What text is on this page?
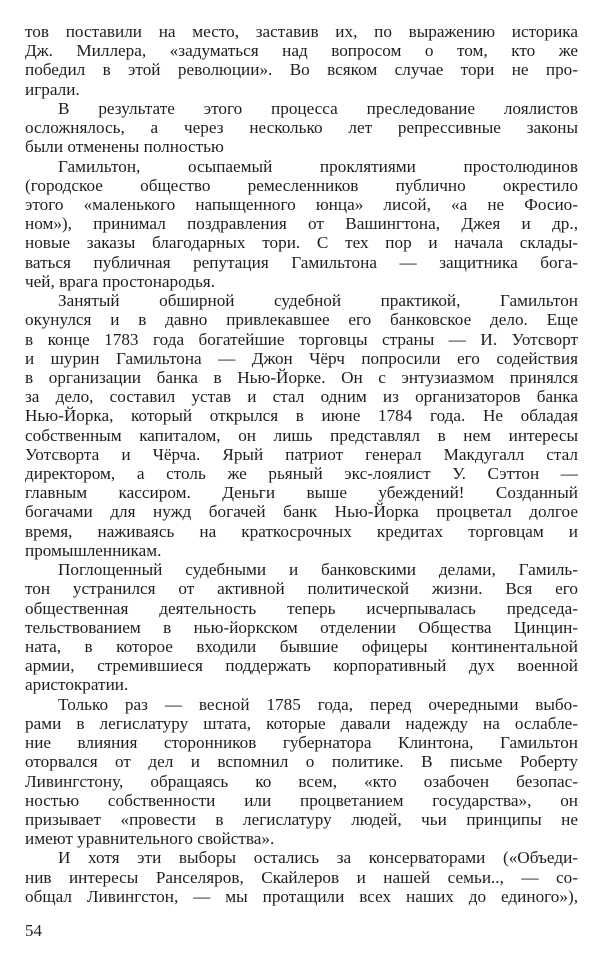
тов поставили на место, заставив их, по выражению историка
Дж. Миллера, «задуматься над вопросом о том, кто же
победил в этой революции». Во всяком случае тори не про-
играли.
В результате этого процесса преследование лоялистов
осложнялось, а через несколько лет репрессивные законы
были отменены полностью
Гамильтон, осыпаемый проклятиями простолюдинов
(городское общество ремесленников публично окрестило
этого «маленького напыщенного юнца» лисой, «а не Фосио-
ном»), принимал поздравления от Вашингтона, Джея и др.,
новые заказы благодарных тори. С тех пор и начала склады-
ваться публичная репутация Гамильтона — защитника бога-
чей, врага простонародья.
Занятый обширной судебной практикой, Гамильтон
окунулся и в давно привлекавшее его банковское дело. Еще
в конце 1783 года богатейшие торговцы страны — И. Уотсворт
и шурин Гамильтона — Джон Чёрч попросили его содействия
в организации банка в Нью-Йорке. Он с энтузиазмом принялся
за дело, составил устав и стал одним из организаторов банка
Нью-Йорка, который открылся в июне 1784 года. Не обладая
собственным капиталом, он лишь представлял в нем интересы
Уотсворта и Чёрча. Ярый патриот генерал Макдугалл стал
директором, а столь же рьяный экс-лоялист У. Сэттон —
главным кассиром. Деньги выше убеждений! Созданный
богачами для нужд богачей банк Нью-Йорка процветал долгое
время, наживаясь на краткосрочных кредитах торговцам и
промышленникам.
Поглощенный судебными и банковскими делами, Гамиль-
тон устранился от активной политической жизни. Вся его
общественная деятельность теперь исчерпывалась председа-
тельствованием в нью-йоркском отделении Общества Цинцин-
ната, в которое входили бывшие офицеры континентальной
армии, стремившиеся поддержать корпоративный дух военной
аристократии.
Только раз — весной 1785 года, перед очередными выбо-
рами в легислатуру штата, которые давали надежду на ослабле-
ние влияния сторонников губернатора Клинтона, Гамильтон
оторвался от дел и вспомнил о политике. В письме Роберту
Ливингстону, обращаясь ко всем, «кто озабочен безопас-
ностью собственности или процветанием государства», он
призывает «провести в легислатуру людей, чьи принципы не
имеют уравнительного свойства».
И хотя эти выборы остались за консерваторами («Объеди-
нив интересы Ранселяров, Скайлеров и нашей семьи.., — со-
общал Ливингстон, — мы протащили всех наших до единого»),
54
